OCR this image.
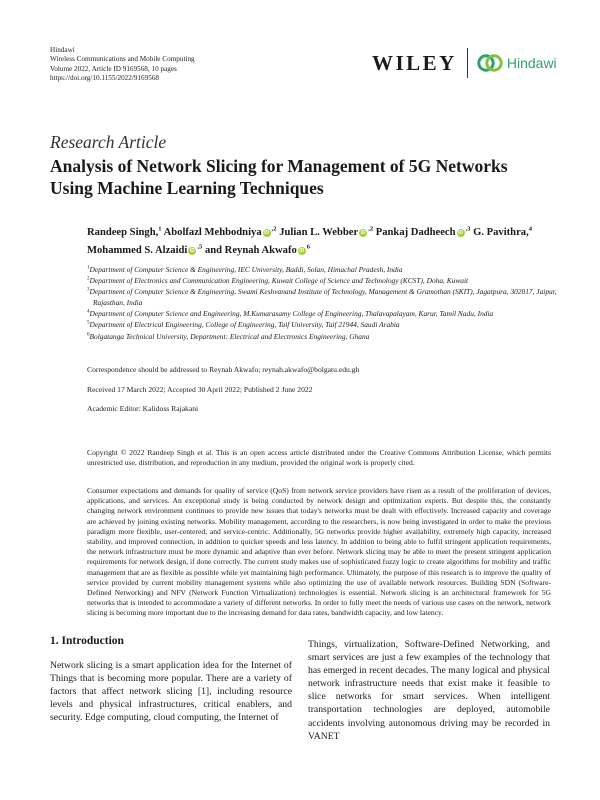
Hindawi
Wireless Communications and Mobile Computing
Volume 2022, Article ID 9169568, 10 pages
https://doi.org/10.1155/2022/9169568
WILEY	Hindawi
Research Article
Analysis of Network Slicing for Management of 5G Networks Using Machine Learning Techniques
Randeep Singh,$^1$ Abolfazl Mehbodniya $iD^{,2}$ Julian L. Webber $iD^{,2}$ Pankaj Dadheech $iD^{,3}$ G. Pavithra,$^4$ Mohammed S. Alzaidi $iD^{,5}$ and Reynah Akwafo $iD^6$
$^1$Department of Computer Science & Engineering, IEC University, Baddi, Solan, Himachal Pradesh, India
$^2$Department of Electronics and Communication Engineering, Kuwait College of Science and Technology (KCST), Doha, Kuwait
$^3$Department of Computer Science & Engineering, Swami Keshvanand Institute of Technology, Management & Gramothan (SKIT), Jagatpura, 302017, Jaipur, Rajasthan, India
$^4$Department of Computer Science and Engineering, M.Kumarasamy College of Engineering, Thalavapalayam, Karur, Tamil Nadu, India
$^5$Department of Electrical Engineering, College of Engineering, Taif University, Taif 21944, Saudi Arabia
$^6$Bolgatanga Technical University, Department: Electrical and Electronics Engineering, Ghana
Correspondence should be addressed to Reynah Akwafo; reynah.akwafo@bolgatu.edu.gh
Received 17 March 2022; Accepted 30 April 2022; Published 2 June 2022
Academic Editor: Kalidoss Rajakani
Copyright © 2022 Randeep Singh et al. This is an open access article distributed under the Creative Commons Attribution License, which permits unrestricted use, distribution, and reproduction in any medium, provided the original work is properly cited.
Consumer expectations and demands for quality of service (QoS) from network service providers have risen as a result of the proliferation of devices, applications, and services. An exceptional study is being conducted by network design and optimization experts. But despite this, the constantly changing network environment continues to provide new issues that today's networks must be dealt with effectively. Increased capacity and coverage are achieved by joining existing networks. Mobility management, according to the researchers, is now being investigated in order to make the previous paradigm more flexible, user-centered, and service-centric. Additionally, 5G networks provide higher availability, extremely high capacity, increased stability, and improved connection, in addition to quicker speeds and less latency. In addition to being able to fulfil stringent application requirements, the network infrastructure must be more dynamic and adaptive than ever before. Network slicing may be able to meet the present stringent application requirements for network design, if done correctly. The current study makes use of sophisticated fuzzy logic to create algorithms for mobility and traffic management that are as flexible as possible while yet maintaining high performance. Ultimately, the purpose of this research is to improve the quality of service provided by current mobility management systems while also optimizing the use of available network resources. Building SDN (Software-Defined Networking) and NFV (Network Function Virtualization) technologies is essential. Network slicing is an architectural framework for 5G networks that is intended to accommodate a variety of different networks. In order to fully meet the needs of various use cases on the network, network slicing is becoming more important due to the increasing demand for data rates, bandwidth capacity, and low latency.
1. Introduction
Network slicing is a smart application idea for the Internet of Things that is becoming more popular. There are a variety of factors that affect network slicing [1], including resource levels and physical infrastructures, critical enablers, and security. Edge computing, cloud computing, the Internet of
Things, virtualization, Software-Defined Networking, and smart services are just a few examples of the technology that has emerged in recent decades. The many logical and physical network infrastructure needs that exist make it feasible to slice networks for smart services. When intelligent transportation technologies are deployed, automobile accidents involving autonomous driving may be recorded in VANET
